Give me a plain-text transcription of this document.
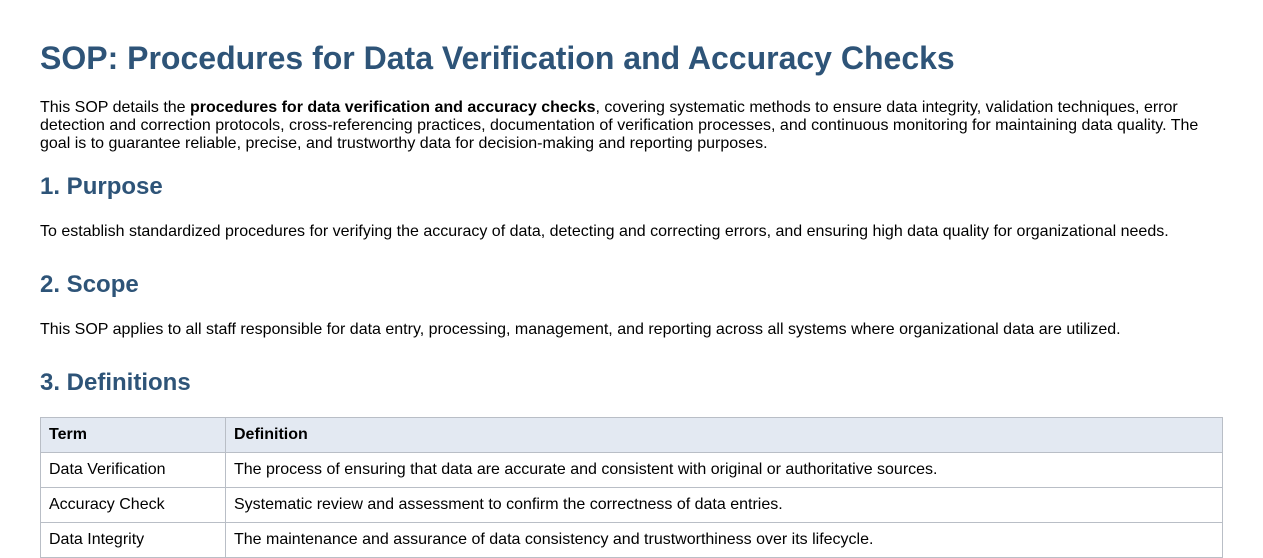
SOP: Procedures for Data Verification and Accuracy Checks

This SOP details the procedures for data verification and accuracy checks, covering systematic methods to ensure data integrity, validation techniques, error detection and correction protocols, cross-referencing practices, documentation of verification processes, and continuous monitoring for maintaining data quality. The goal is to guarantee reliable, precise, and trustworthy data for decision-making and reporting purposes.

1. Purpose

To establish standardized procedures for verifying the accuracy of data, detecting and correcting errors, and ensuring high data quality for organizational needs.

2. Scope

This SOP applies to all staff responsible for data entry, processing, management, and reporting across all systems where organizational data are utilized.

3. Definitions
Term	Definition
Data Verification	The process of ensuring that data are accurate and consistent with original or authoritative sources.
Accuracy Check	Systematic review and assessment to confirm the correctness of data entries.
Data Integrity	The maintenance and assurance of data consistency and trustworthiness over its lifecycle.
